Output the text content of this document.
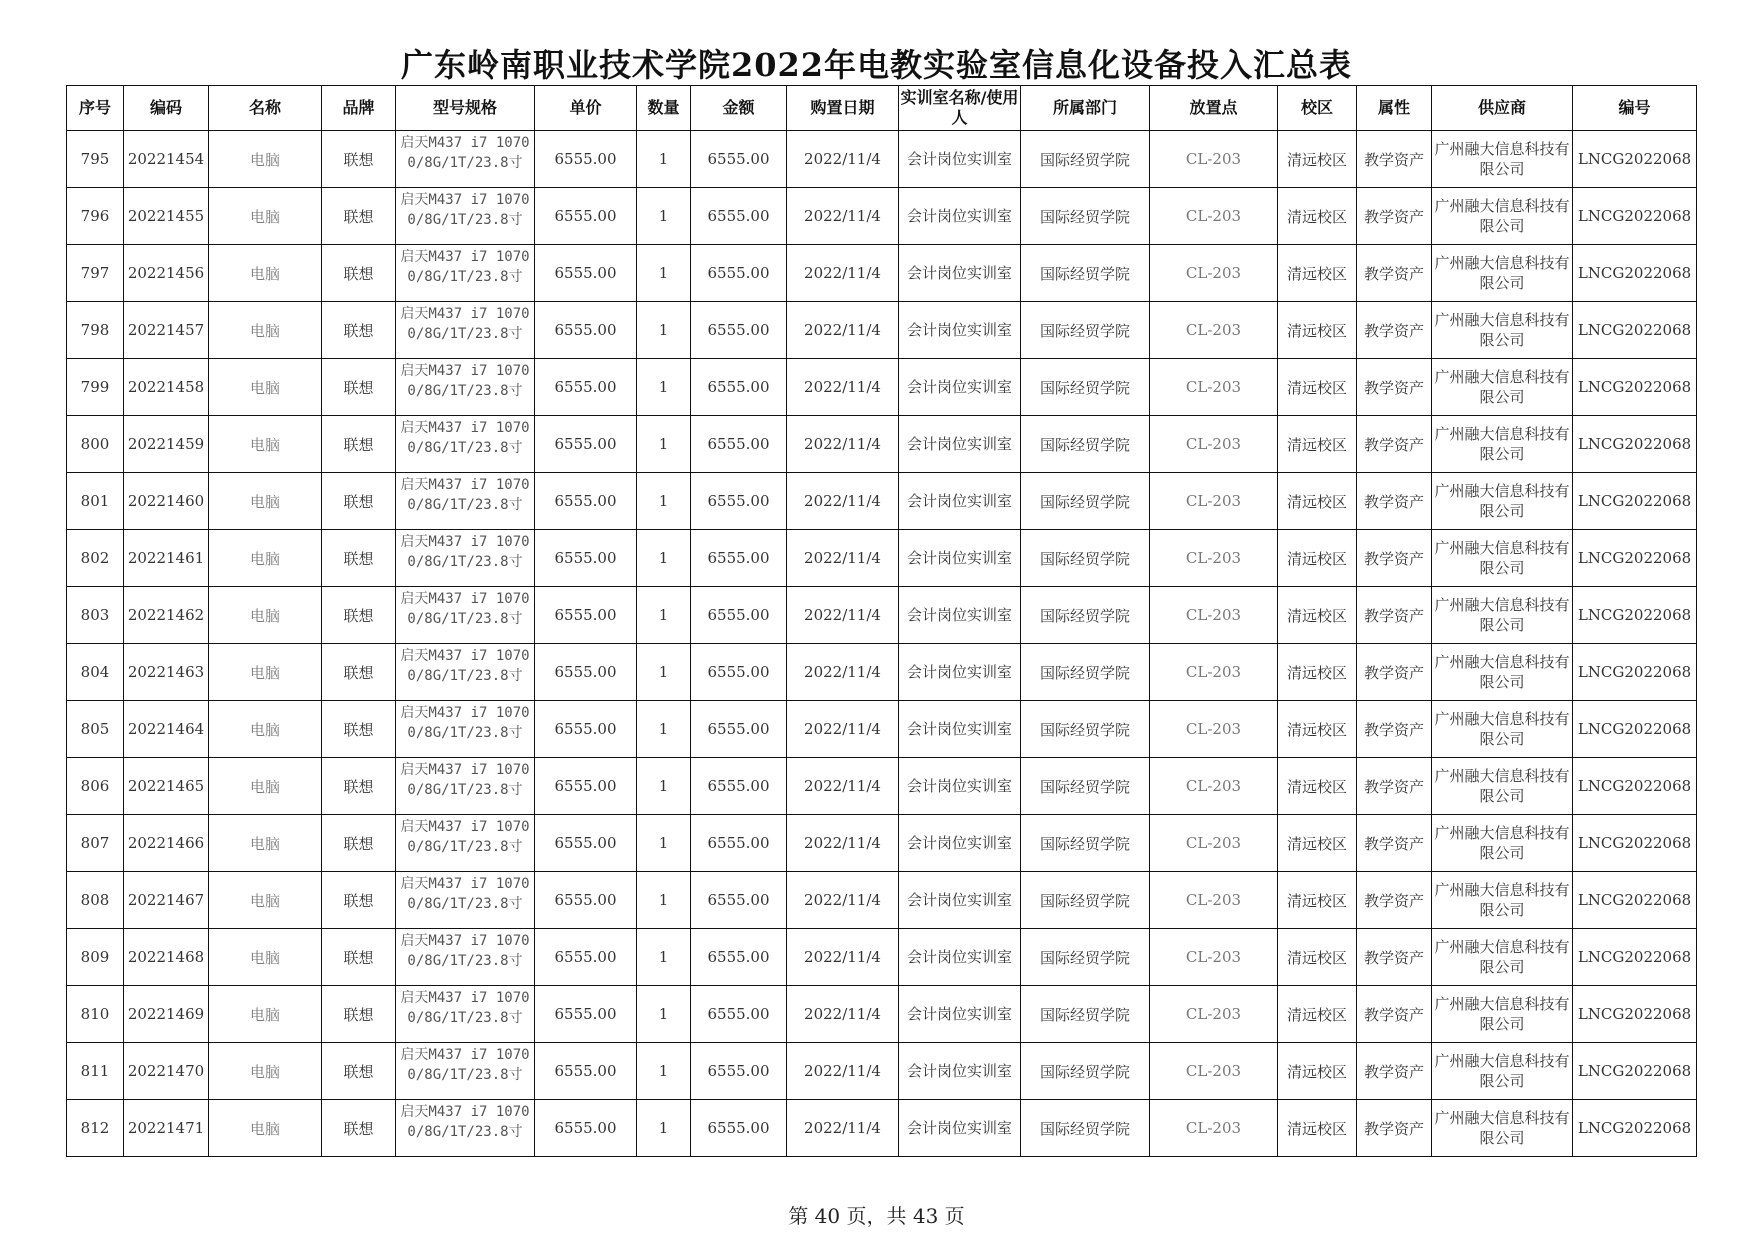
广东岭南职业技术学院2022年电教实验室信息化设备投入汇总表
序号	编码	名称	品牌	型号规格	单价	数量	金额	购置日期	实训室名称/使用人	所属部门	放置点	校区	属性	供应商	编号
795	20221454	电脑	联想	启天M437 i7 10700/8G/1T/23.8寸	6555.00	1	6555.00	2022/11/4	会计岗位实训室	国际经贸学院	CL-203	清远校区	教学资产	广州融大信息科技有限公司	LNCG2022068
796	20221455	电脑	联想	启天M437 i7 10700/8G/1T/23.8寸	6555.00	1	6555.00	2022/11/4	会计岗位实训室	国际经贸学院	CL-203	清远校区	教学资产	广州融大信息科技有限公司	LNCG2022068
797	20221456	电脑	联想	启天M437 i7 10700/8G/1T/23.8寸	6555.00	1	6555.00	2022/11/4	会计岗位实训室	国际经贸学院	CL-203	清远校区	教学资产	广州融大信息科技有限公司	LNCG2022068
798	20221457	电脑	联想	启天M437 i7 10700/8G/1T/23.8寸	6555.00	1	6555.00	2022/11/4	会计岗位实训室	国际经贸学院	CL-203	清远校区	教学资产	广州融大信息科技有限公司	LNCG2022068
799	20221458	电脑	联想	启天M437 i7 10700/8G/1T/23.8寸	6555.00	1	6555.00	2022/11/4	会计岗位实训室	国际经贸学院	CL-203	清远校区	教学资产	广州融大信息科技有限公司	LNCG2022068
800	20221459	电脑	联想	启天M437 i7 10700/8G/1T/23.8寸	6555.00	1	6555.00	2022/11/4	会计岗位实训室	国际经贸学院	CL-203	清远校区	教学资产	广州融大信息科技有限公司	LNCG2022068
801	20221460	电脑	联想	启天M437 i7 10700/8G/1T/23.8寸	6555.00	1	6555.00	2022/11/4	会计岗位实训室	国际经贸学院	CL-203	清远校区	教学资产	广州融大信息科技有限公司	LNCG2022068
802	20221461	电脑	联想	启天M437 i7 10700/8G/1T/23.8寸	6555.00	1	6555.00	2022/11/4	会计岗位实训室	国际经贸学院	CL-203	清远校区	教学资产	广州融大信息科技有限公司	LNCG2022068
803	20221462	电脑	联想	启天M437 i7 10700/8G/1T/23.8寸	6555.00	1	6555.00	2022/11/4	会计岗位实训室	国际经贸学院	CL-203	清远校区	教学资产	广州融大信息科技有限公司	LNCG2022068
804	20221463	电脑	联想	启天M437 i7 10700/8G/1T/23.8寸	6555.00	1	6555.00	2022/11/4	会计岗位实训室	国际经贸学院	CL-203	清远校区	教学资产	广州融大信息科技有限公司	LNCG2022068
805	20221464	电脑	联想	启天M437 i7 10700/8G/1T/23.8寸	6555.00	1	6555.00	2022/11/4	会计岗位实训室	国际经贸学院	CL-203	清远校区	教学资产	广州融大信息科技有限公司	LNCG2022068
806	20221465	电脑	联想	启天M437 i7 10700/8G/1T/23.8寸	6555.00	1	6555.00	2022/11/4	会计岗位实训室	国际经贸学院	CL-203	清远校区	教学资产	广州融大信息科技有限公司	LNCG2022068
807	20221466	电脑	联想	启天M437 i7 10700/8G/1T/23.8寸	6555.00	1	6555.00	2022/11/4	会计岗位实训室	国际经贸学院	CL-203	清远校区	教学资产	广州融大信息科技有限公司	LNCG2022068
808	20221467	电脑	联想	启天M437 i7 10700/8G/1T/23.8寸	6555.00	1	6555.00	2022/11/4	会计岗位实训室	国际经贸学院	CL-203	清远校区	教学资产	广州融大信息科技有限公司	LNCG2022068
809	20221468	电脑	联想	启天M437 i7 10700/8G/1T/23.8寸	6555.00	1	6555.00	2022/11/4	会计岗位实训室	国际经贸学院	CL-203	清远校区	教学资产	广州融大信息科技有限公司	LNCG2022068
810	20221469	电脑	联想	启天M437 i7 10700/8G/1T/23.8寸	6555.00	1	6555.00	2022/11/4	会计岗位实训室	国际经贸学院	CL-203	清远校区	教学资产	广州融大信息科技有限公司	LNCG2022068
811	20221470	电脑	联想	启天M437 i7 10700/8G/1T/23.8寸	6555.00	1	6555.00	2022/11/4	会计岗位实训室	国际经贸学院	CL-203	清远校区	教学资产	广州融大信息科技有限公司	LNCG2022068
812	20221471	电脑	联想	启天M437 i7 10700/8G/1T/23.8寸	6555.00	1	6555.00	2022/11/4	会计岗位实训室	国际经贸学院	CL-203	清远校区	教学资产	广州融大信息科技有限公司	LNCG2022068
第 40 页，共 43 页
